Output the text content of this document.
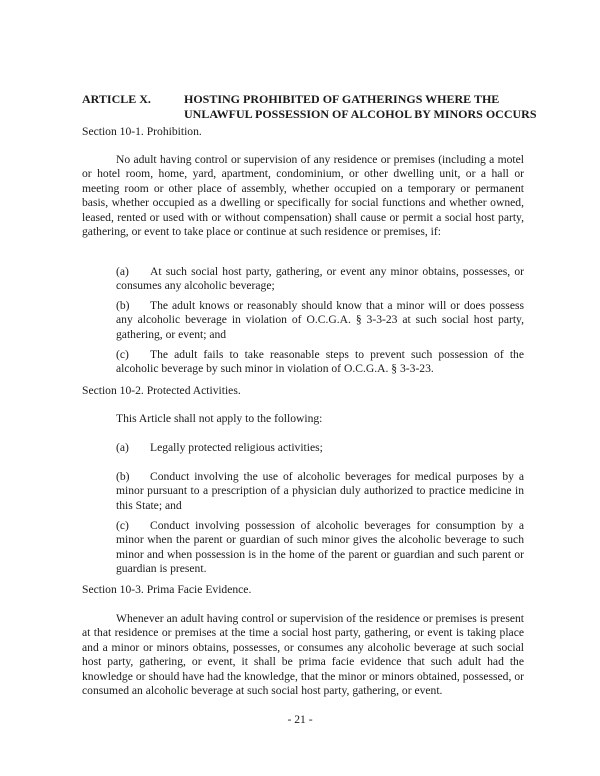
ARTICLE X.	HOSTING PROHIBITED OF GATHERINGS WHERE THE UNLAWFUL POSSESSION OF ALCOHOL BY MINORS OCCURS
Section 10-1. Prohibition.

No adult having control or supervision of any residence or premises (including a motel or hotel room, home, yard, apartment, condominium, or other dwelling unit, or a hall or meeting room or other place of assembly, whether occupied on a temporary or permanent basis, whether occupied as a dwelling or specifically for social functions and whether owned, leased, rented or used with or without compensation) shall cause or permit a social host party, gathering, or event to take place or continue at such residence or premises, if:

(a) At such social host party, gathering, or event any minor obtains, possesses, or consumes any alcoholic beverage;
(b) The adult knows or reasonably should know that a minor will or does possess any alcoholic beverage in violation of O.C.G.A. § 3-3-23 at such social host party, gathering, or event; and
(c) The adult fails to take reasonable steps to prevent such possession of the alcoholic beverage by such minor in violation of O.C.G.A. § 3-3-23.
Section 10-2. Protected Activities.
This Article shall not apply to the following:
(a) Legally protected religious activities;
(b) Conduct involving the use of alcoholic beverages for medical purposes by a minor pursuant to a prescription of a physician duly authorized to practice medicine in this State; and
(c) Conduct involving possession of alcoholic beverages for consumption by a minor when the parent or guardian of such minor gives the alcoholic beverage to such minor and when possession is in the home of the parent or guardian and such parent or guardian is present.
Section 10-3. Prima Facie Evidence.

Whenever an adult having control or supervision of the residence or premises is present at that residence or premises at the time a social host party, gathering, or event is taking place and a minor or minors obtains, possesses, or consumes any alcoholic beverage at such social host party, gathering, or event, it shall be prima facie evidence that such adult had the knowledge or should have had the knowledge, that the minor or minors obtained, possessed, or consumed an alcoholic beverage at such social host party, gathering, or event.

- 21 -
